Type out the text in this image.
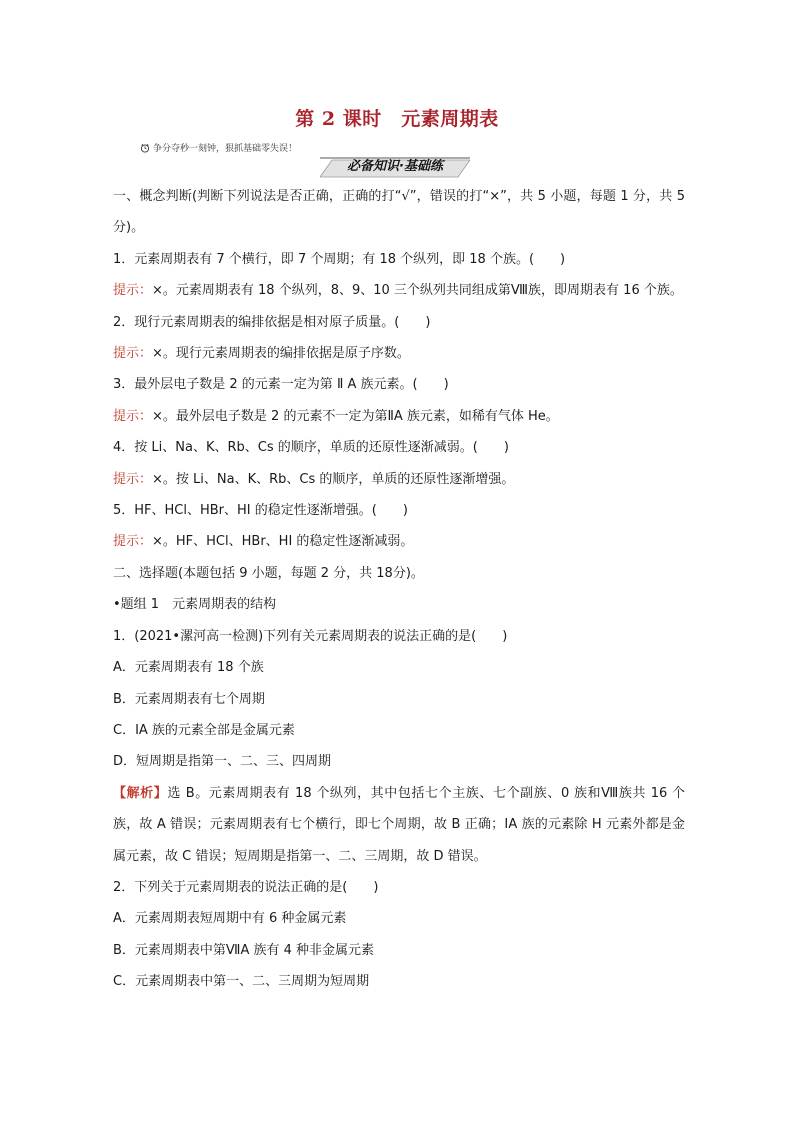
第 2 课时　元素周期表
争分夺秒一刻钟，狠抓基础零失误！
必备知识·基础练

一、概念判断(判断下列说法是否正确，正确的打“√”，错误的打“×”，共 5 小题，每题 1 分，共 5分)。

1．元素周期表有 7 个横行，即 7 个周期；有 18 个纵列，即 18 个族。(　　)

提示：×。元素周期表有 18 个纵列，8、9、10 三个纵列共同组成第Ⅷ族，即周期表有 16 个族。

2．现行元素周期表的编排依据是相对原子质量。(　　)

提示：×。现行元素周期表的编排依据是原子序数。

3．最外层电子数是 2 的元素一定为第 Ⅱ A 族元素。(　　)

提示：×。最外层电子数是 2 的元素不一定为第ⅡA 族元素，如稀有气体 He。

4．按 Li、Na、K、Rb、Cs 的顺序，单质的还原性逐渐减弱。(　　)

提示：×。按 Li、Na、K、Rb、Cs 的顺序，单质的还原性逐渐增强。

5．HF、HCl、HBr、HI 的稳定性逐渐增强。(　　)

提示：×。HF、HCl、HBr、HI 的稳定性逐渐减弱。

二、选择题(本题包括 9 小题，每题 2 分，共 18分)。

•题组 1　元素周期表的结构

1．(2021•漯河高一检测)下列有关元素周期表的说法正确的是(　　)

A．元素周期表有 18 个族

B．元素周期表有七个周期

C．ⅠA 族的元素全部是金属元素

D．短周期是指第一、二、三、四周期

【解析】选 B。元素周期表有 18 个纵列，其中包括七个主族、七个副族、0 族和Ⅷ族共 16 个族，故 A 错误；元素周期表有七个横行，即七个周期，故 B 正确；ⅠA 族的元素除 H 元素外都是金属元素，故 C 错误；短周期是指第一、二、三周期，故 D 错误。

2．下列关于元素周期表的说法正确的是(　　)

A．元素周期表短周期中有 6 种金属元素

B．元素周期表中第ⅦA 族有 4 种非金属元素

C．元素周期表中第一、二、三周期为短周期
